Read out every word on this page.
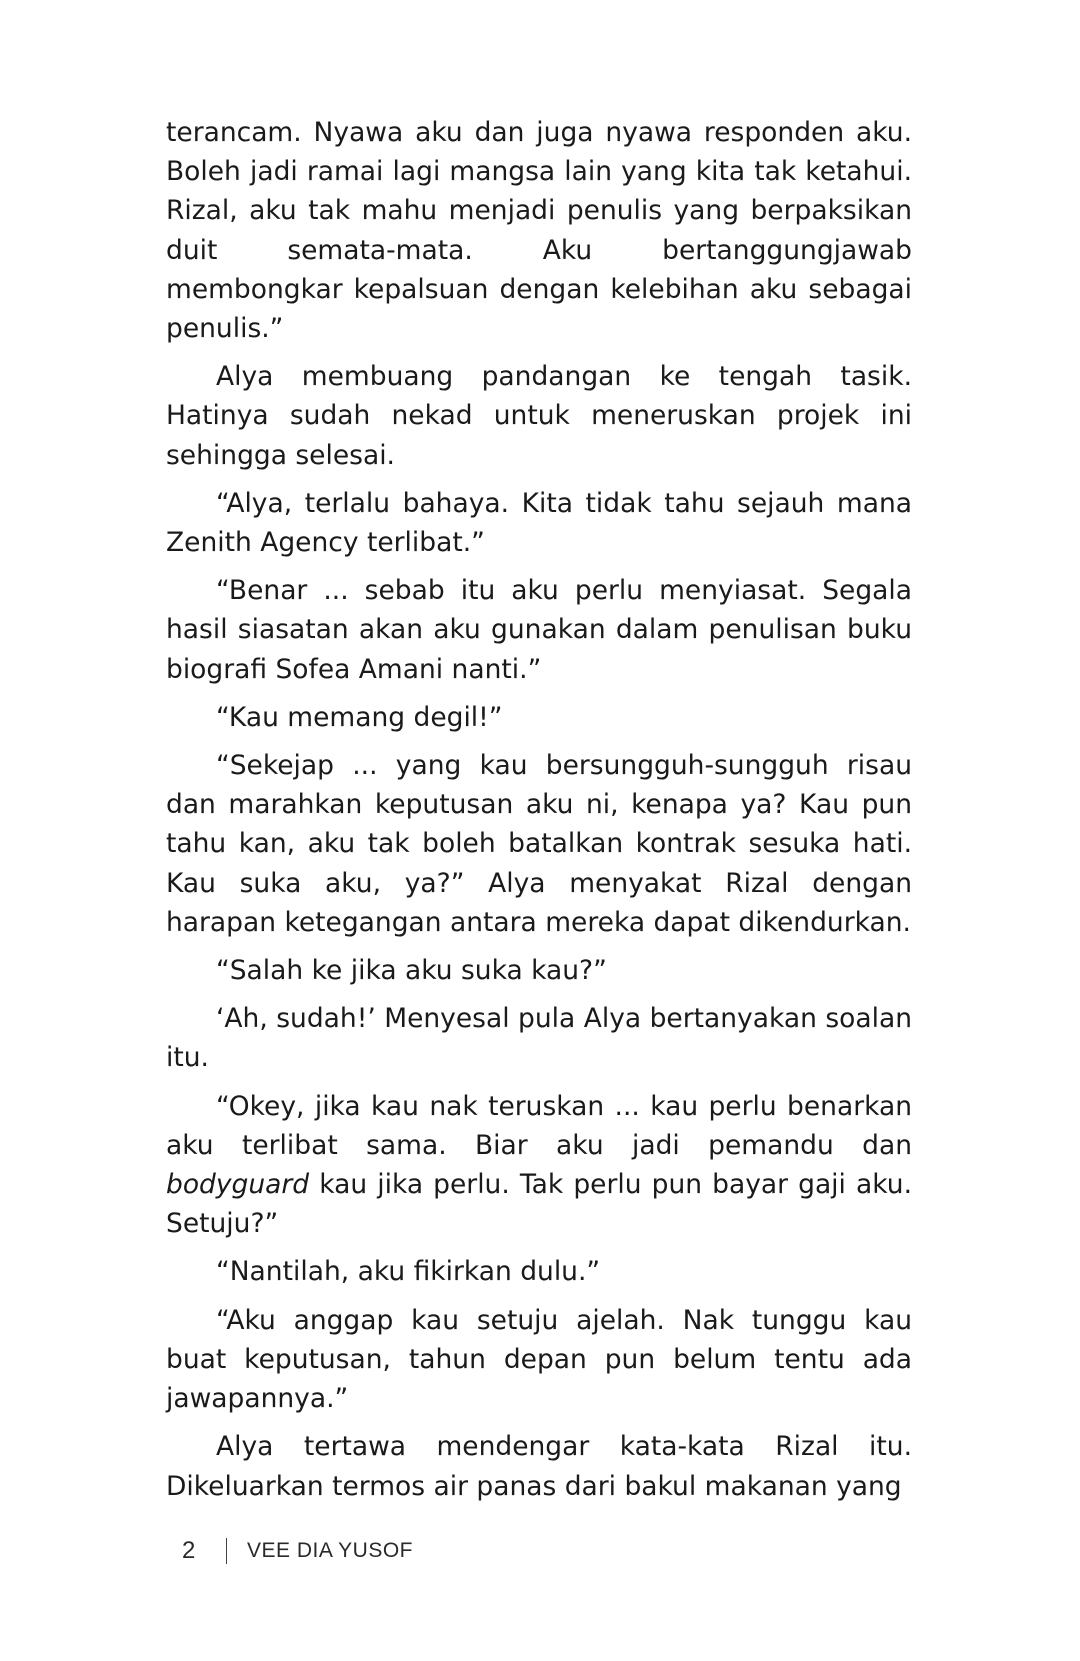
terancam. Nyawa aku dan juga nyawa responden aku. Boleh jadi ramai lagi mangsa lain yang kita tak ketahui. Rizal, aku tak mahu menjadi penulis yang berpaksikan duit semata-mata. Aku bertanggungjawab membongkar kepalsuan dengan kelebihan aku sebagai penulis.”

Alya membuang pandangan ke tengah tasik. Hatinya sudah nekad untuk meneruskan projek ini sehingga selesai.

“Alya, terlalu bahaya. Kita tidak tahu sejauh mana Zenith Agency terlibat.”

“Benar ... sebab itu aku perlu menyiasat. Segala hasil siasatan akan aku gunakan dalam penulisan buku biografi Sofea Amani nanti.”

“Kau memang degil!”

“Sekejap ... yang kau bersungguh-sungguh risau dan marahkan keputusan aku ni, kenapa ya? Kau pun tahu kan, aku tak boleh batalkan kontrak sesuka hati. Kau suka aku, ya?” Alya menyakat Rizal dengan harapan ketegangan antara mereka dapat dikendurkan.

“Salah ke jika aku suka kau?”

‘Ah, sudah!’ Menyesal pula Alya bertanyakan soalan itu.

“Okey, jika kau nak teruskan ... kau perlu benarkan aku terlibat sama. Biar aku jadi pemandu dan bodyguard kau jika perlu. Tak perlu pun bayar gaji aku. Setuju?”

“Nantilah, aku fikirkan dulu.”

“Aku anggap kau setuju ajelah. Nak tunggu kau buat keputusan, tahun depan pun belum tentu ada jawapannya.”

Alya tertawa mendengar kata-kata Rizal itu. Dikeluarkan termos air panas dari bakul makanan yang

2	VEE DIA YUSOF
